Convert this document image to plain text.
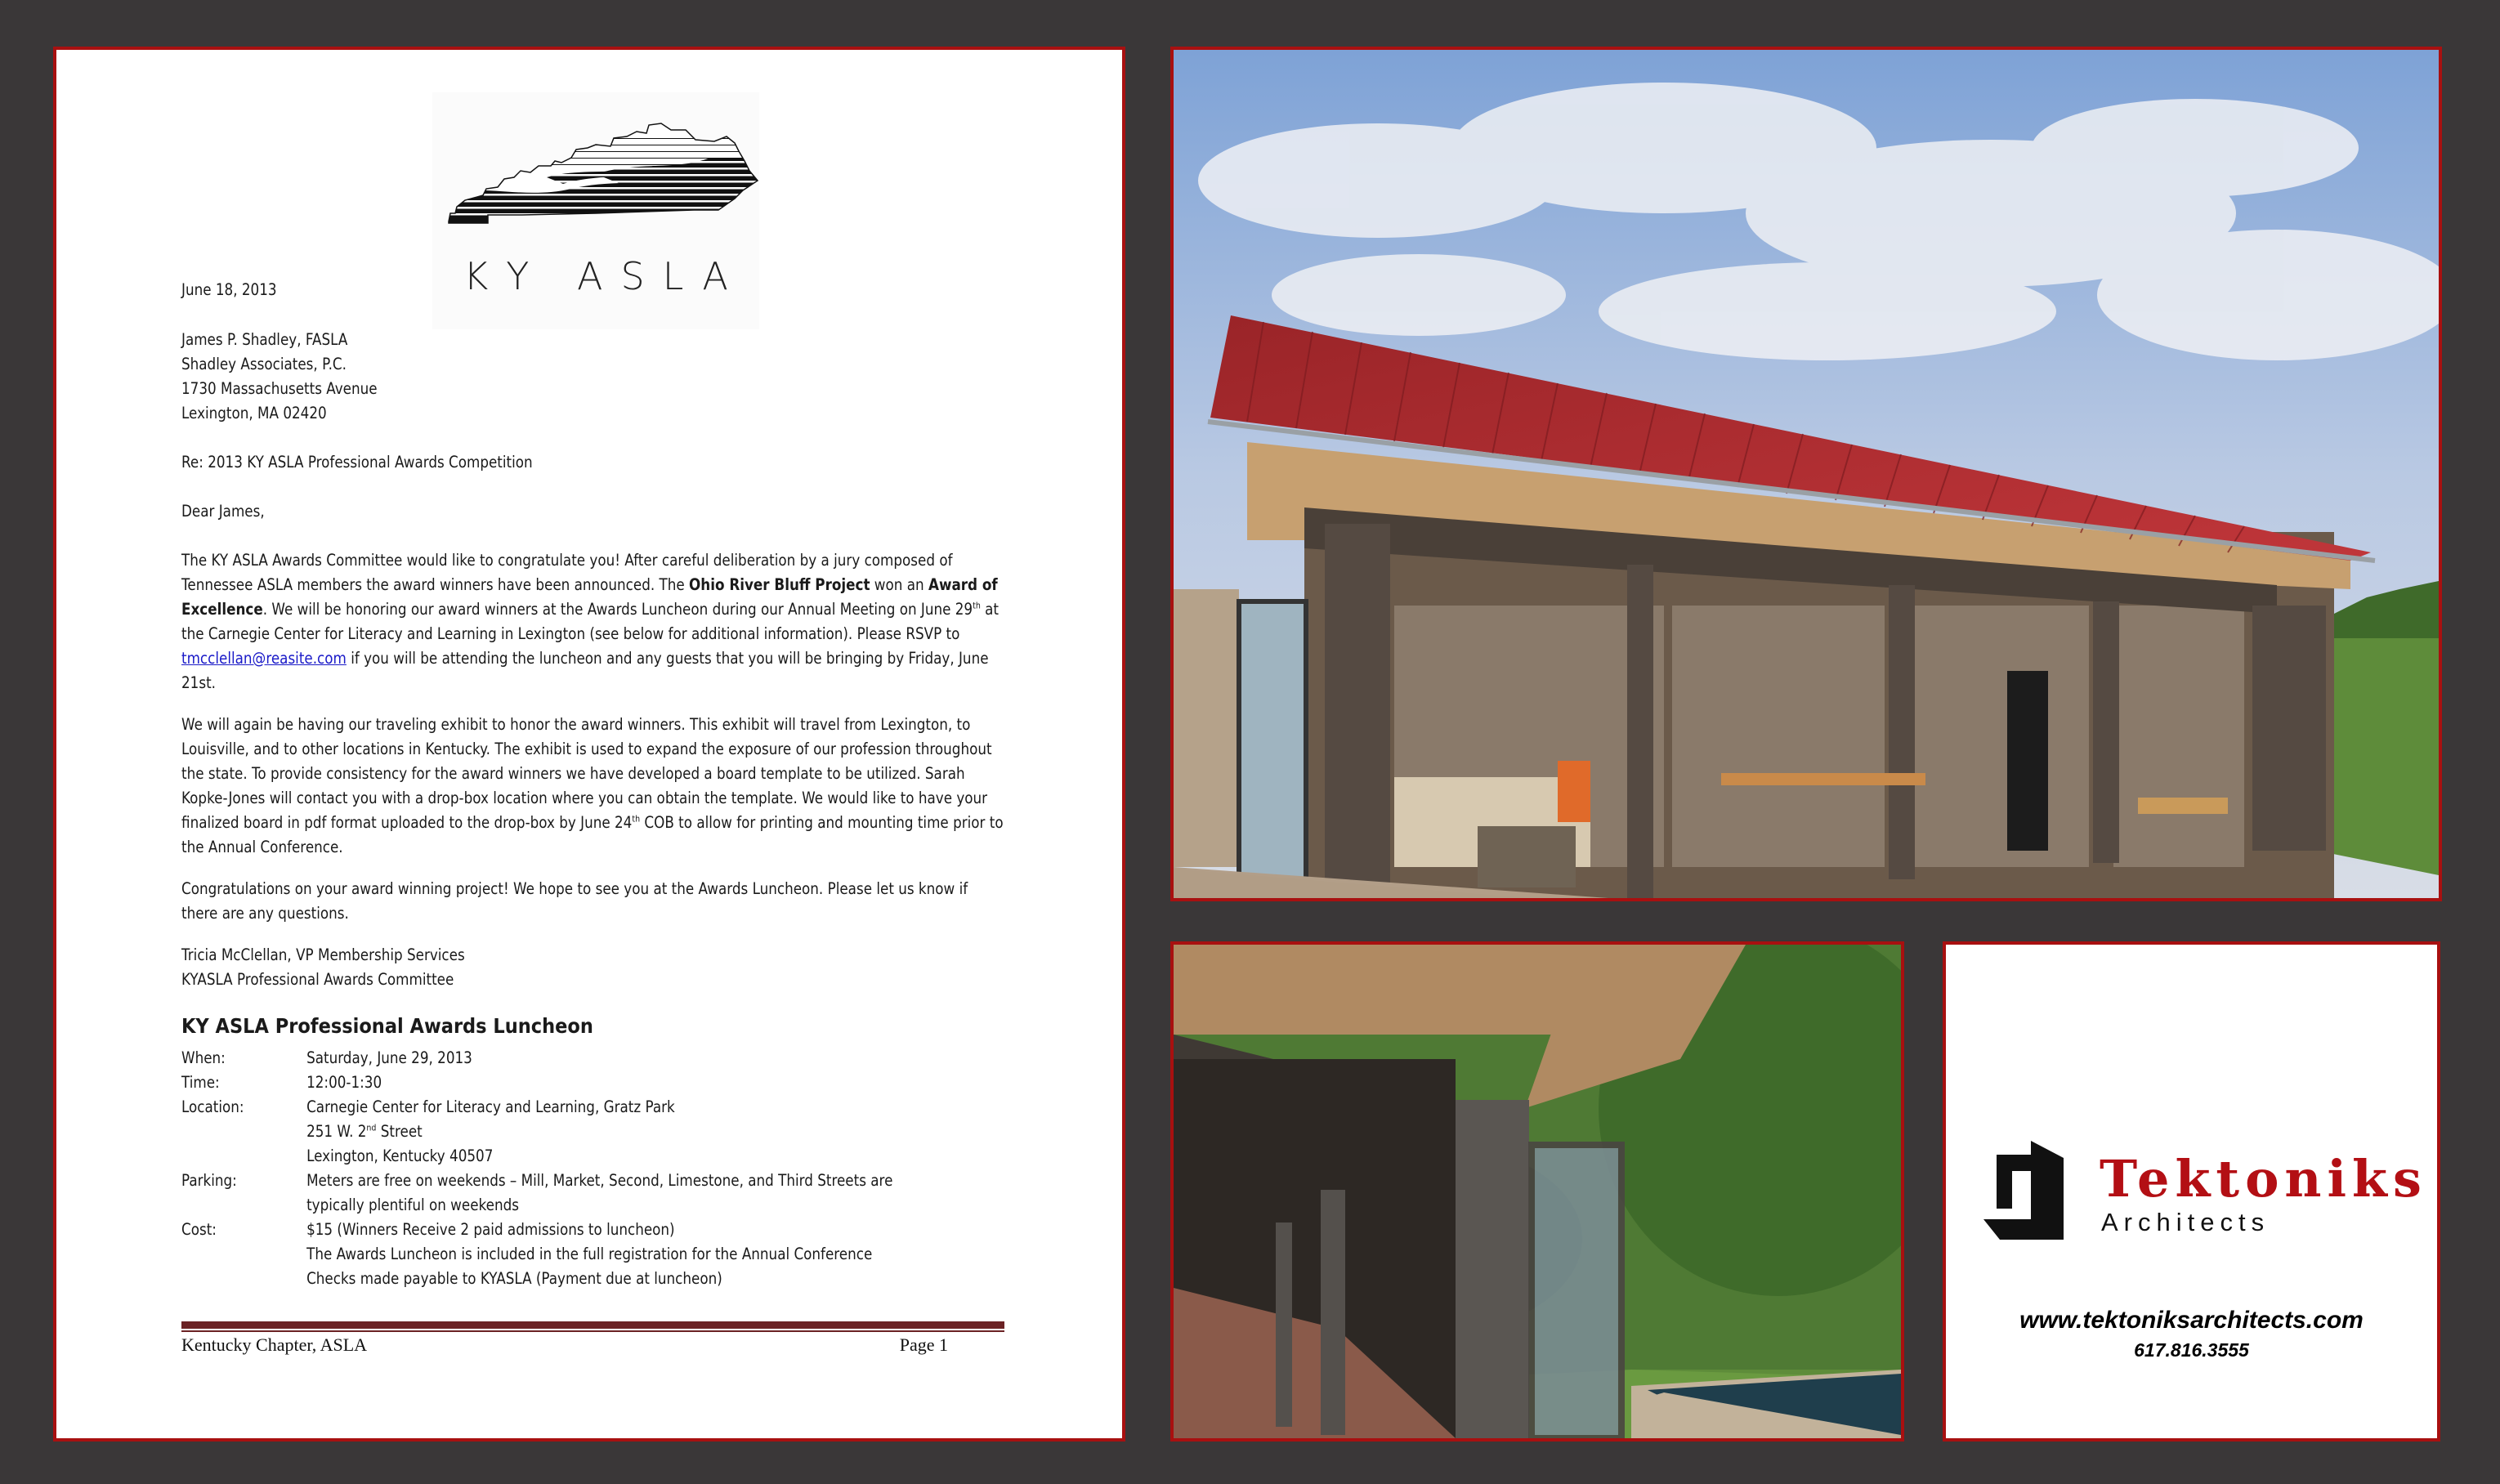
KY ASLA
June 18, 2013
James P. Shadley, FASLA
Shadley Associates, P.C.
1730 Massachusetts Avenue
Lexington, MA 02420
Re: 2013 KY ASLA Professional Awards Competition
Dear James,
The KY ASLA Awards Committee would like to congratulate you! After careful deliberation by a jury composed of Tennessee ASLA members the award winners have been announced. The Ohio River Bluff Project won an Award of Excellence. We will be honoring our award winners at the Awards Luncheon during our Annual Meeting on June 29th at the Carnegie Center for Literacy and Learning in Lexington (see below for additional information). Please RSVP to tmcclellan@reasite.com if you will be attending the luncheon and any guests that you will be bringing by Friday, June 21st.
We will again be having our traveling exhibit to honor the award winners. This exhibit will travel from Lexington, to Louisville, and to other locations in Kentucky. The exhibit is used to expand the exposure of our profession throughout the state. To provide consistency for the award winners we have developed a board template to be utilized. Sarah Kopke-Jones will contact you with a drop-box location where you can obtain the template. We would like to have your finalized board in pdf format uploaded to the drop-box by June 24th COB to allow for printing and mounting time prior to the Annual Conference.
Congratulations on your award winning project! We hope to see you at the Awards Luncheon. Please let us know if there are any questions.
Tricia McClellan, VP Membership Services
KYASLA Professional Awards Committee
KY ASLA Professional Awards Luncheon
When:	Saturday, June 29, 2013
Time:	12:00-1:30
Location:	Carnegie Center for Literacy and Learning, Gratz Park
251 W. 2nd Street
Lexington, Kentucky 40507
Parking:	Meters are free on weekends – Mill, Market, Second, Limestone, and Third Streets are
typically plentiful on weekends
Cost:	$15 (Winners Receive 2 paid admissions to luncheon)
The Awards Luncheon is included in the full registration for the Annual Conference
Checks made payable to KYASLA (Payment due at luncheon)
Kentucky Chapter, ASLA	Page 1
Tektoniks
Architects
www.tektoniksarchitects.com
617.816.3555
